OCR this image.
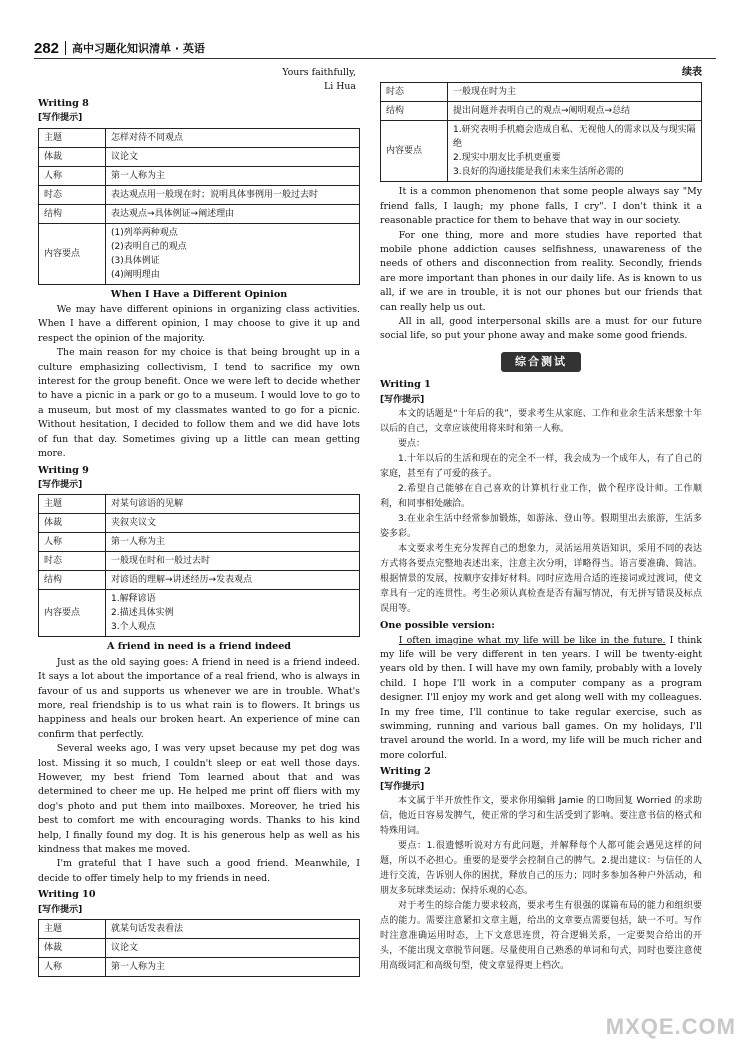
282	高中习题化知识清单 · 英语

Yours faithfully,

Li Hua

Writing 8
[写作提示]
主题	怎样对待不同观点
体裁	议论文
人称	第一人称为主
时态	表达观点用一般现在时；说明具体事例用一般过去时
结构	表达观点→具体例证→阐述理由
内容要点	(1)列举两种观点
(2)表明自己的观点
(3)具体例证
(4)阐明理由
When I Have a Different Opinion

We may have different opinions in organizing class activities. When I have a different opinion, I may choose to give it up and respect the opinion of the majority.

The main reason for my choice is that being brought up in a culture emphasizing collectivism, I tend to sacrifice my own interest for the group benefit. Once we were left to decide whether to have a picnic in a park or go to a museum. I would love to go to a museum, but most of my classmates wanted to go for a picnic. Without hesitation, I decided to follow them and we did have lots of fun that day. Sometimes giving up a little can mean getting more.

Writing 9
[写作提示]
主题	对某句谚语的见解
体裁	夹叙夹议文
人称	第一人称为主
时态	一般现在时和一般过去时
结构	对谚语的理解→讲述经历→发表观点
内容要点	1.解释谚语
2.描述具体实例
3.个人观点
A friend in need is a friend indeed

Just as the old saying goes: A friend in need is a friend indeed. It says a lot about the importance of a real friend, who is always in favour of us and supports us whenever we are in trouble. What's more, real friendship is to us what rain is to flowers. It brings us happiness and heals our broken heart. An experience of mine can confirm that perfectly.

Several weeks ago, I was very upset because my pet dog was lost. Missing it so much, I couldn't sleep or eat well those days. However, my best friend Tom learned about that and was determined to cheer me up. He helped me print off fliers with my dog's photo and put them into mailboxes. Moreover, he tried his best to comfort me with encouraging words. Thanks to his kind help, I finally found my dog. It is his generous help as well as his kindness that makes me moved.

I'm grateful that I have such a good friend. Meanwhile, I decide to offer timely help to my friends in need.

Writing 10
[写作提示]
主题	就某句话发表看法
体裁	议论文
人称	第一人称为主
续表
时态	一般现在时为主
结构	提出问题并表明自己的观点→阐明观点→总结
内容要点	1.研究表明手机瘾会造成自私、无视他人的需求以及与现实隔绝
2.现实中朋友比手机更重要
3.良好的沟通技能是我们未来生活所必需的

It is a common phenomenon that some people always say "My friend falls, I laugh; my phone falls, I cry". I don't think it a reasonable practice for them to behave that way in our society.

For one thing, more and more studies have reported that mobile phone addiction causes selfishness, unawareness of the needs of others and disconnection from reality. Secondly, friends are more important than phones in our daily life. As is known to us all, if we are in trouble, it is not our phones but our friends that can really help us out.

All in all, good interpersonal skills are a must for our future social life, so put your phone away and make some good friends.

综合测试
Writing 1
[写作提示]

本文的话题是“十年后的我”，要求考生从家庭、工作和业余生活来想象十年以后的自己，文章应该使用将来时和第一人称。

要点：

1.十年以后的生活和现在的完全不一样，我会成为一个成年人，有了自己的家庭，甚至有了可爱的孩子。

2.希望自己能够在自己喜欢的计算机行业工作，做个程序设计师。工作顺利，和同事相处融洽。

3.在业余生活中经常参加锻炼，如游泳、登山等。假期里出去旅游，生活多姿多彩。

本文要求考生充分发挥自己的想象力，灵活运用英语知识，采用不同的表达方式将各要点完整地表述出来，注意主次分明，详略得当。语言要准确、简洁。根据情景的发展，按顺序安排好材料。同时应选用合适的连接词或过渡词，使文章具有一定的连贯性。考生必须认真检查是否有漏写情况，有无拼写错误及标点误用等。

One possible version:

I often imagine what my life will be like in the future. I think my life will be very different in ten years. I will be twenty-eight years old by then. I will have my own family, probably with a lovely child. I hope I'll work in a computer company as a program designer. I'll enjoy my work and get along well with my colleagues. In my free time, I'll continue to take regular exercise, such as swimming, running and various ball games. On my holidays, I'll travel around the world. In a word, my life will be much richer and more colorful.

Writing 2
[写作提示]

本文属于半开放性作文，要求你用编辑 Jamie 的口吻回复 Worried 的求助信，他近日容易发脾气，使正常的学习和生活受到了影响。要注意书信的格式和特殊用词。

要点：1.很遗憾听说对方有此问题，并解释每个人都可能会遇见这样的问题，所以不必担心。重要的是要学会控制自己的脾气。2.提出建议：与信任的人进行交流，告诉别人你的困扰，释放自己的压力；同时多参加各种户外活动，和朋友多玩球类运动；保持乐观的心态。

对于考生的综合能力要求较高，要求考生有很强的谋篇布局的能力和组织要点的能力。需要注意紧扣文章主题，给出的文章要点需要包括，缺一不可。写作时注意准确运用时态，上下文意思连贯，符合逻辑关系，一定要契合给出的开头，不能出现文章脱节问题。尽量使用自己熟悉的单词和句式，同时也要注意使用高级词汇和高级句型，使文章显得更上档次。

MXQE.COM
